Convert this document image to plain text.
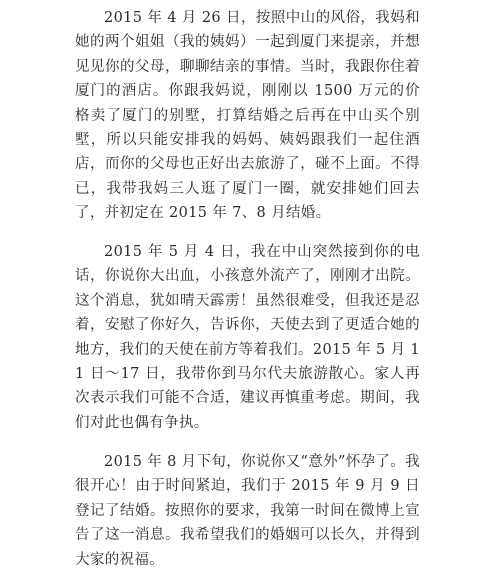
2015 年 4 月 26 日，按照中山的风俗，我妈和她的两个姐姐（我的姨妈）一起到厦门来提亲，并想见见你的父母，聊聊结亲的事情。当时，我跟你住着厦门的酒店。你跟我妈说，刚刚以 1500 万元的价格卖了厦门的别墅，打算结婚之后再在中山买个别墅，所以只能安排我的妈妈、姨妈跟我们一起住酒店，而你的父母也正好出去旅游了，碰不上面。不得已，我带我妈三人逛了厦门一圈，就安排她们回去了，并初定在 2015 年 7、8 月结婚。

2015 年 5 月 4 日，我在中山突然接到你的电话，你说你大出血，小孩意外流产了，刚刚才出院。这个消息，犹如晴天霹雳！虽然很难受，但我还是忍着，安慰了你好久，告诉你，天使去到了更适合她的地方，我们的天使在前方等着我们。2015 年 5 月 11 日～17 日，我带你到马尔代夫旅游散心。家人再次表示我们可能不合适，建议再慎重考虑。期间，我们对此也偶有争执。

2015 年 8 月下旬，你说你又“意外”怀孕了。我很开心！由于时间紧迫，我们于 2015 年 9 月 9 日登记了结婚。按照你的要求，我第一时间在微博上宣告了这一消息。我希望我们的婚姻可以长久，并得到大家的祝福。
